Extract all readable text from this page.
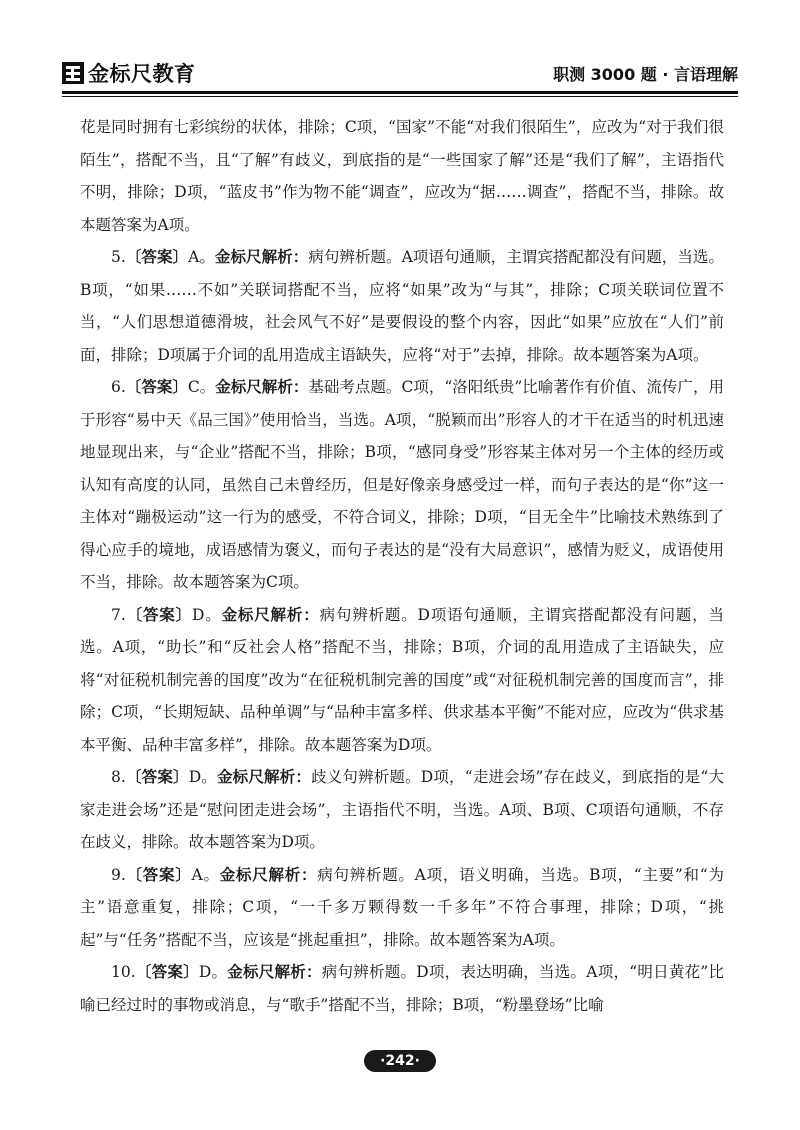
金标尺教育	职测 3000 题 · 言语理解

花是同时拥有七彩缤纷的状体，排除；C项，“国家”不能“对我们很陌生”，应改为“对于我们很陌生”，搭配不当，且“了解”有歧义，到底指的是“一些国家了解”还是“我们了解”，主语指代不明，排除；D项，“蓝皮书”作为物不能“调查”，应改为“据……调查”，搭配不当，排除。故本题答案为A项。

5.〔答案〕A。金标尺解析：病句辨析题。A项语句通顺，主谓宾搭配都没有问题，当选。B项，“如果……不如”关联词搭配不当，应将“如果”改为“与其”，排除；C项关联词位置不当，“人们思想道德滑坡，社会风气不好”是要假设的整个内容，因此“如果”应放在“人们”前面，排除；D项属于介词的乱用造成主语缺失，应将“对于”去掉，排除。故本题答案为A项。

6.〔答案〕C。金标尺解析：基础考点题。C项，“洛阳纸贵”比喻著作有价值、流传广，用于形容“易中天《品三国》”使用恰当，当选。A项，“脱颖而出”形容人的才干在适当的时机迅速地显现出来，与“企业”搭配不当，排除；B项，“感同身受”形容某主体对另一个主体的经历或认知有高度的认同，虽然自己未曾经历，但是好像亲身感受过一样，而句子表达的是“你”这一主体对“蹦极运动”这一行为的感受，不符合词义，排除；D项，“目无全牛”比喻技术熟练到了得心应手的境地，成语感情为褒义，而句子表达的是“没有大局意识”，感情为贬义，成语使用不当，排除。故本题答案为C项。

7.〔答案〕D。金标尺解析：病句辨析题。D项语句通顺，主谓宾搭配都没有问题，当选。A项，“助长”和“反社会人格”搭配不当，排除；B项，介词的乱用造成了主语缺失，应将“对征税机制完善的国度”改为“在征税机制完善的国度”或“对征税机制完善的国度而言”，排除；C项，“长期短缺、品种单调”与“品种丰富多样、供求基本平衡”不能对应，应改为“供求基本平衡、品种丰富多样”，排除。故本题答案为D项。

8.〔答案〕D。金标尺解析：歧义句辨析题。D项，“走进会场”存在歧义，到底指的是“大家走进会场”还是“慰问团走进会场”，主语指代不明，当选。A项、B项、C项语句通顺，不存在歧义，排除。故本题答案为D项。

9.〔答案〕A。金标尺解析：病句辨析题。A项，语义明确，当选。B项，“主要”和“为主”语意重复，排除；C项，“一千多万颗得数一千多年”不符合事理，排除；D项，“挑起”与“任务”搭配不当，应该是“挑起重担”，排除。故本题答案为A项。

10.〔答案〕D。金标尺解析：病句辨析题。D项，表达明确，当选。A项，“明日黄花”比喻已经过时的事物或消息，与“歌手”搭配不当，排除；B项，“粉墨登场”比喻

·242·
